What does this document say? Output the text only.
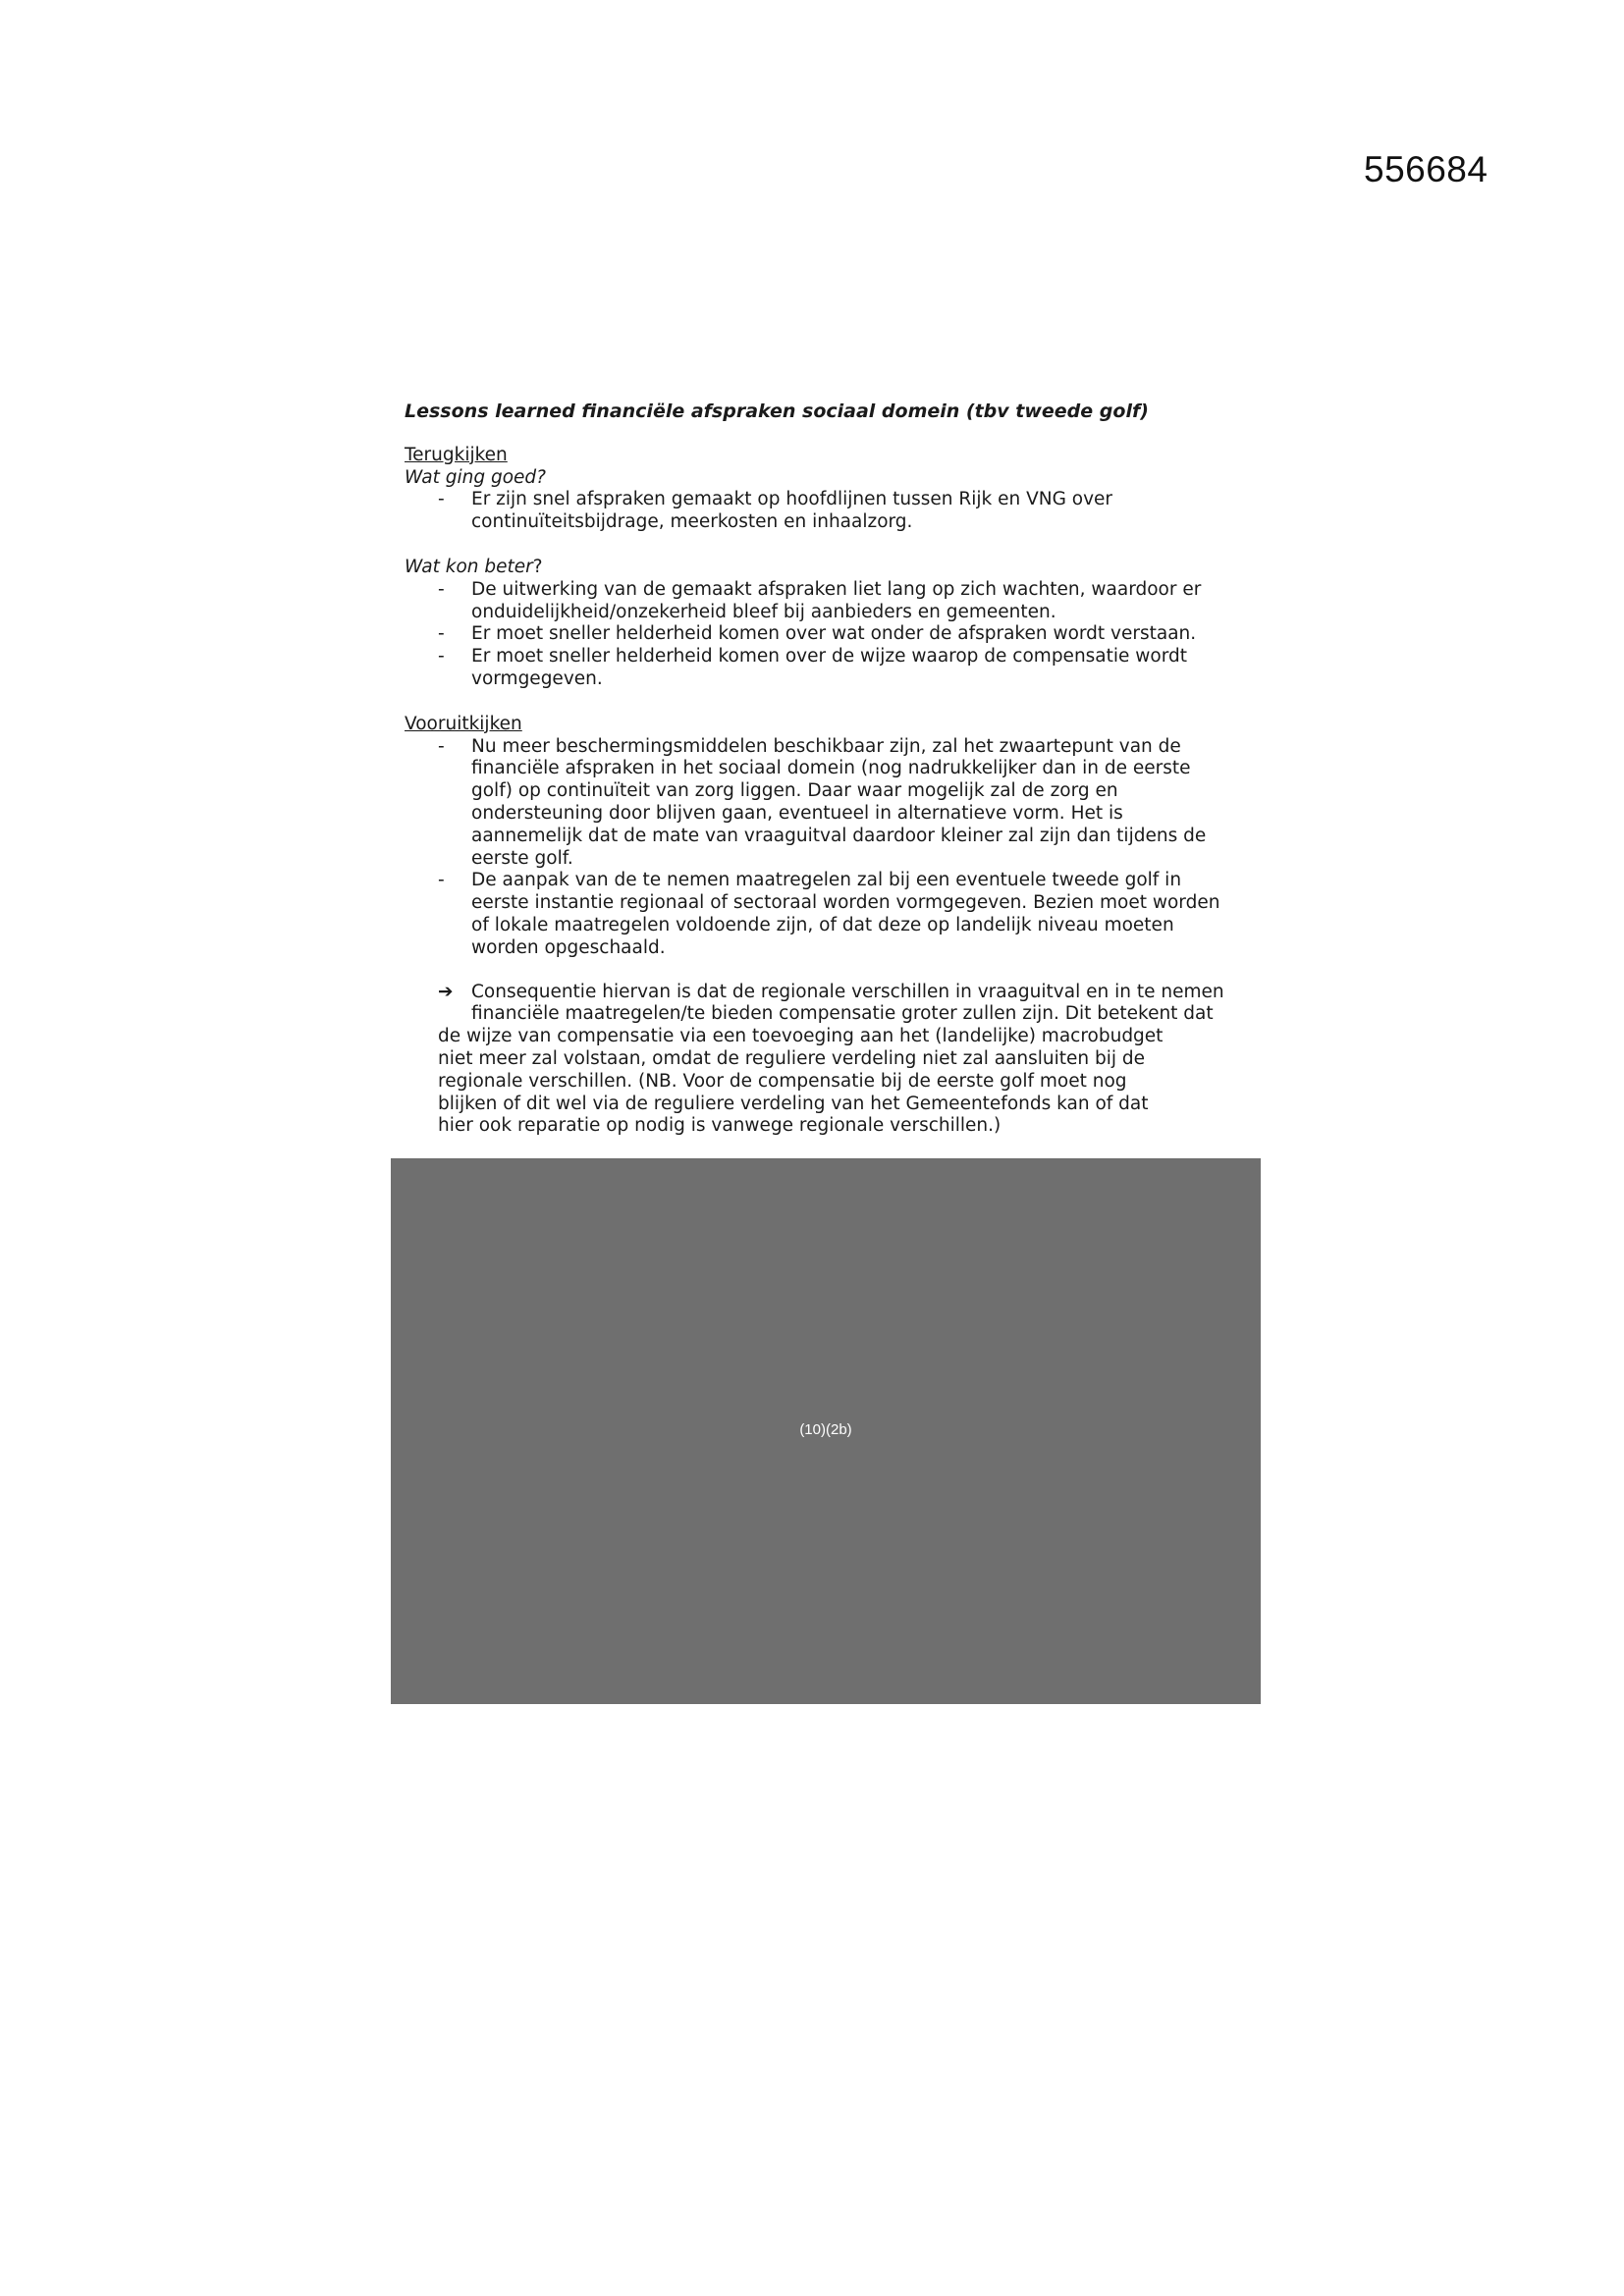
556684

Lessons learned financiële afspraken sociaal domein (tbv tweede golf)

Terugkijken

Wat ging goed?

- Er zijn snel afspraken gemaakt op hoofdlijnen tussen Rijk en VNG over
continuïteitsbijdrage, meerkosten en inhaalzorg.

Wat kon beter?

- De uitwerking van de gemaakt afspraken liet lang op zich wachten, waardoor er
onduidelijkheid/onzekerheid bleef bij aanbieders en gemeenten.
- Er moet sneller helderheid komen over wat onder de afspraken wordt verstaan.
- Er moet sneller helderheid komen over de wijze waarop de compensatie wordt
vormgegeven.

Vooruitkijken

- Nu meer beschermingsmiddelen beschikbaar zijn, zal het zwaartepunt van de
financiële afspraken in het sociaal domein (nog nadrukkelijker dan in de eerste
golf) op continuïteit van zorg liggen. Daar waar mogelijk zal de zorg en
ondersteuning door blijven gaan, eventueel in alternatieve vorm. Het is
aannemelijk dat de mate van vraaguitval daardoor kleiner zal zijn dan tijdens de
eerste golf.
- De aanpak van de te nemen maatregelen zal bij een eventuele tweede golf in
eerste instantie regionaal of sectoraal worden vormgegeven. Bezien moet worden
of lokale maatregelen voldoende zijn, of dat deze op landelijk niveau moeten
worden opgeschaald.
➔ Consequentie hiervan is dat de regionale verschillen in vraaguitval en in te nemen
financiële maatregelen/te bieden compensatie groter zullen zijn. Dit betekent dat
de wijze van compensatie via een toevoeging aan het (landelijke) macrobudget
niet meer zal volstaan, omdat de reguliere verdeling niet zal aansluiten bij de
regionale verschillen. (NB. Voor de compensatie bij de eerste golf moet nog
blijken of dit wel via de reguliere verdeling van het Gemeentefonds kan of dat
hier ook reparatie op nodig is vanwege regionale verschillen.)
(10)(2b)
